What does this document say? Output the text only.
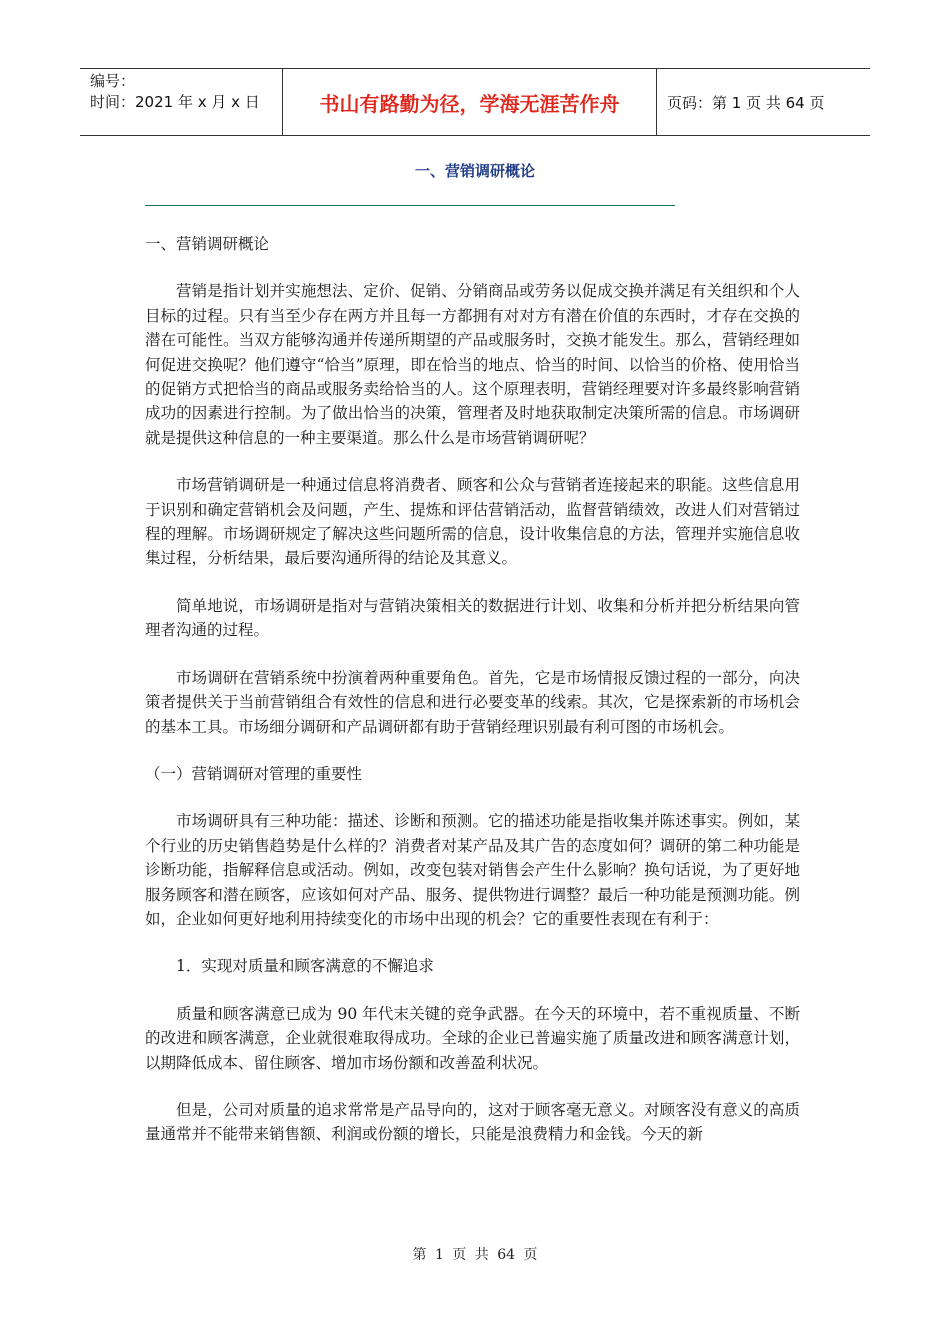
编号：
时间：2021 年 x 月 x 日	书山有路勤为径，学海无涯苦作舟	页码：第 1 页 共 64 页
一、营销调研概论

一、营销调研概论

营销是指计划并实施想法、定价、促销、分销商品或劳务以促成交换并满足有关组织和个人目标的过程。只有当至少存在两方并且每一方都拥有对对方有潜在价值的东西时，才存在交换的潜在可能性。当双方能够沟通并传递所期望的产品或服务时，交换才能发生。那么，营销经理如何促进交换呢？他们遵守“恰当”原理，即在恰当的地点、恰当的时间、以恰当的价格、使用恰当的促销方式把恰当的商品或服务卖给恰当的人。这个原理表明，营销经理要对许多最终影响营销成功的因素进行控制。为了做出恰当的决策，管理者及时地获取制定决策所需的信息。市场调研就是提供这种信息的一种主要渠道。那么什么是市场营销调研呢？

市场营销调研是一种通过信息将消费者、顾客和公众与营销者连接起来的职能。这些信息用于识别和确定营销机会及问题，产生、提炼和评估营销活动，监督营销绩效，改进人们对营销过程的理解。市场调研规定了解决这些问题所需的信息，设计收集信息的方法，管理并实施信息收集过程，分析结果，最后要沟通所得的结论及其意义。

简单地说，市场调研是指对与营销决策相关的数据进行计划、收集和分析并把分析结果向管理者沟通的过程。

市场调研在营销系统中扮演着两种重要角色。首先，它是市场情报反馈过程的一部分，向决策者提供关于当前营销组合有效性的信息和进行必要变革的线索。其次，它是探索新的市场机会的基本工具。市场细分调研和产品调研都有助于营销经理识别最有利可图的市场机会。

（一）营销调研对管理的重要性

市场调研具有三种功能：描述、诊断和预测。它的描述功能是指收集并陈述事实。例如，某个行业的历史销售趋势是什么样的？消费者对某产品及其广告的态度如何？调研的第二种功能是诊断功能，指解释信息或活动。例如，改变包装对销售会产生什么影响？换句话说，为了更好地服务顾客和潜在顾客，应该如何对产品、服务、提供物进行调整？最后一种功能是预测功能。例如，企业如何更好地利用持续变化的市场中出现的机会？它的重要性表现在有利于：

1．实现对质量和顾客满意的不懈追求

质量和顾客满意已成为 90 年代末关键的竞争武器。在今天的环境中，若不重视质量、不断的改进和顾客满意，企业就很难取得成功。全球的企业已普遍实施了质量改进和顾客满意计划，以期降低成本、留住顾客、增加市场份额和改善盈利状况。

但是，公司对质量的追求常常是产品导向的，这对于顾客毫无意义。对顾客没有意义的高质量通常并不能带来销售额、利润或份额的增长，只能是浪费精力和金钱。今天的新

第 1 页 共 64 页
